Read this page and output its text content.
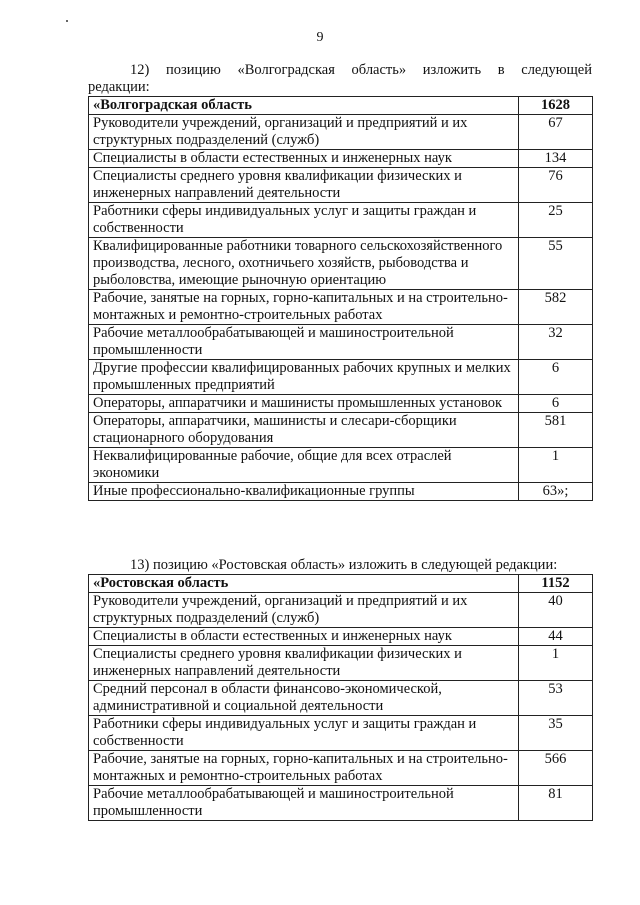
9
12) позицию «Волгоградская область» изложить в следующей
редакции:
«Волгоградская область	1628
Руководители учреждений, организаций и предприятий и их структурных подразделений (служб)	67
Специалисты в области естественных и инженерных наук	134
Специалисты среднего уровня квалификации физических и инженерных направлений деятельности	76
Работники сферы индивидуальных услуг и защиты граждан и собственности	25
Квалифицированные работники товарного сельскохозяйственного производства, лесного, охотничьего хозяйств, рыбоводства и рыболовства, имеющие рыночную ориентацию	55
Рабочие, занятые на горных, горно-капитальных и на строительно-монтажных и ремонтно-строительных работах	582
Рабочие металлообрабатывающей и машиностроительной промышленности	32
Другие профессии квалифицированных рабочих крупных и мелких промышленных предприятий	6
Операторы, аппаратчики и машинисты промышленных установок	6
Операторы, аппаратчики, машинисты и слесари-сборщики стационарного оборудования	581
Неквалифицированные рабочие, общие для всех отраслей экономики	1
Иные профессионально-квалификационные группы	63»;
13) позицию «Ростовская область» изложить в следующей редакции:
«Ростовская область	1152
Руководители учреждений, организаций и предприятий и их структурных подразделений (служб)	40
Специалисты в области естественных и инженерных наук	44
Специалисты среднего уровня квалификации физических и инженерных направлений деятельности	1
Средний персонал в области финансово-экономической, административной и социальной деятельности	53
Работники сферы индивидуальных услуг и защиты граждан и собственности	35
Рабочие, занятые на горных, горно-капитальных и на строительно-монтажных и ремонтно-строительных работах	566
Рабочие металлообрабатывающей и машиностроительной промышленности	81
